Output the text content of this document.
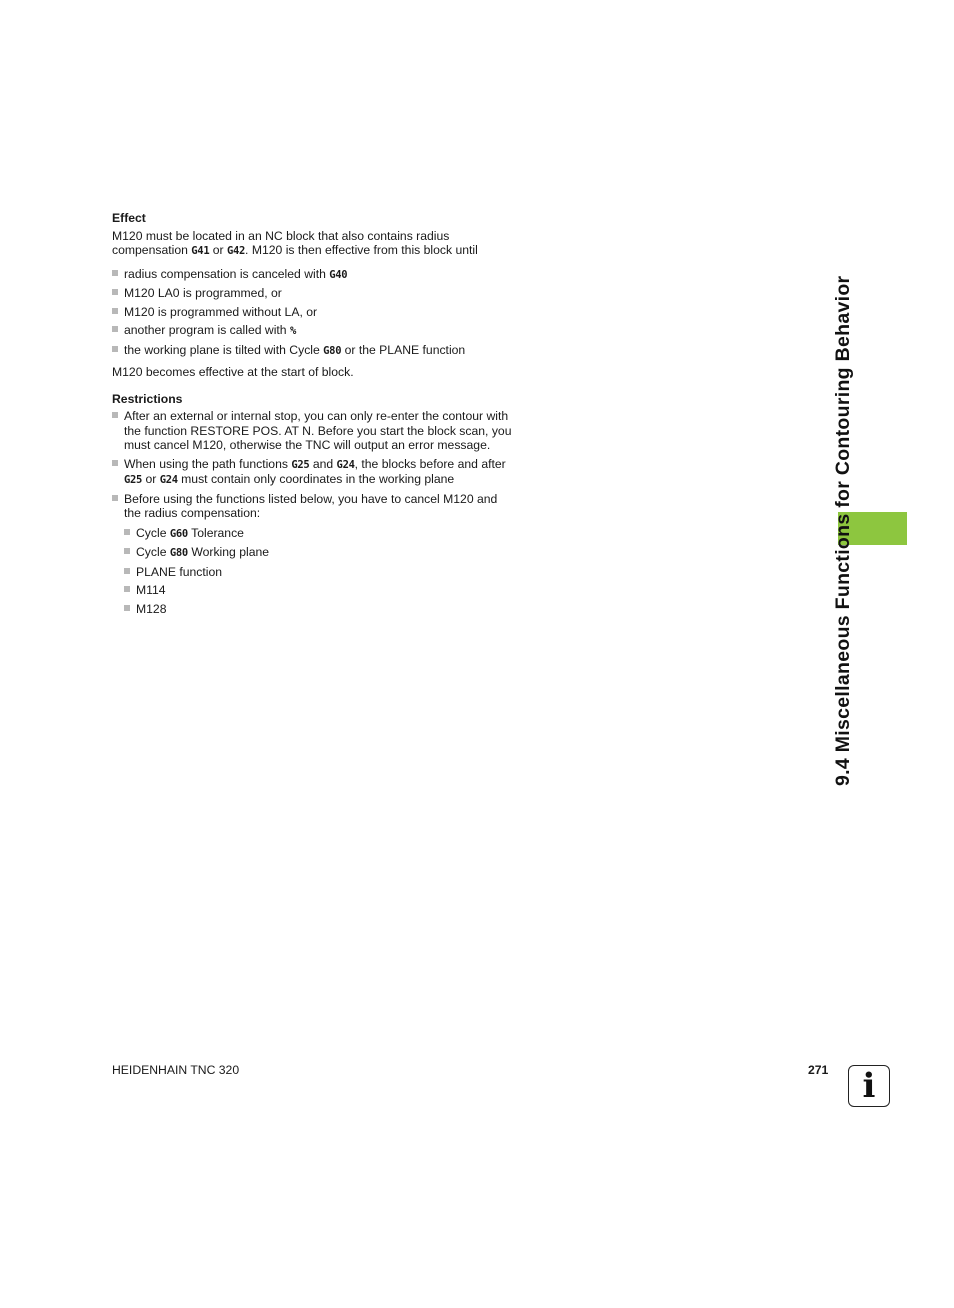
9.4 Miscellaneous Functions for Contouring Behavior
Effect

M120 must be located in an NC block that also contains radius compensation G41 or G42. M120 is then effective from this block until

radius compensation is canceled with G40
M120 LA0 is programmed, or
M120 is programmed without LA, or
another program is called with %
the working plane is tilted with Cycle G80 or the PLANE function

M120 becomes effective at the start of block.

Restrictions
After an external or internal stop, you can only re-enter the contour with the function RESTORE POS. AT N. Before you start the block scan, you must cancel M120, otherwise the TNC will output an error message.
When using the path functions G25 and G24, the blocks before and after G25 or G24 must contain only coordinates in the working plane
Before using the functions listed below, you have to cancel M120 and the radius compensation:
Cycle G60 Tolerance
Cycle G80 Working plane
PLANE function
M114
M128
HEIDENHAIN TNC 320	271	i
